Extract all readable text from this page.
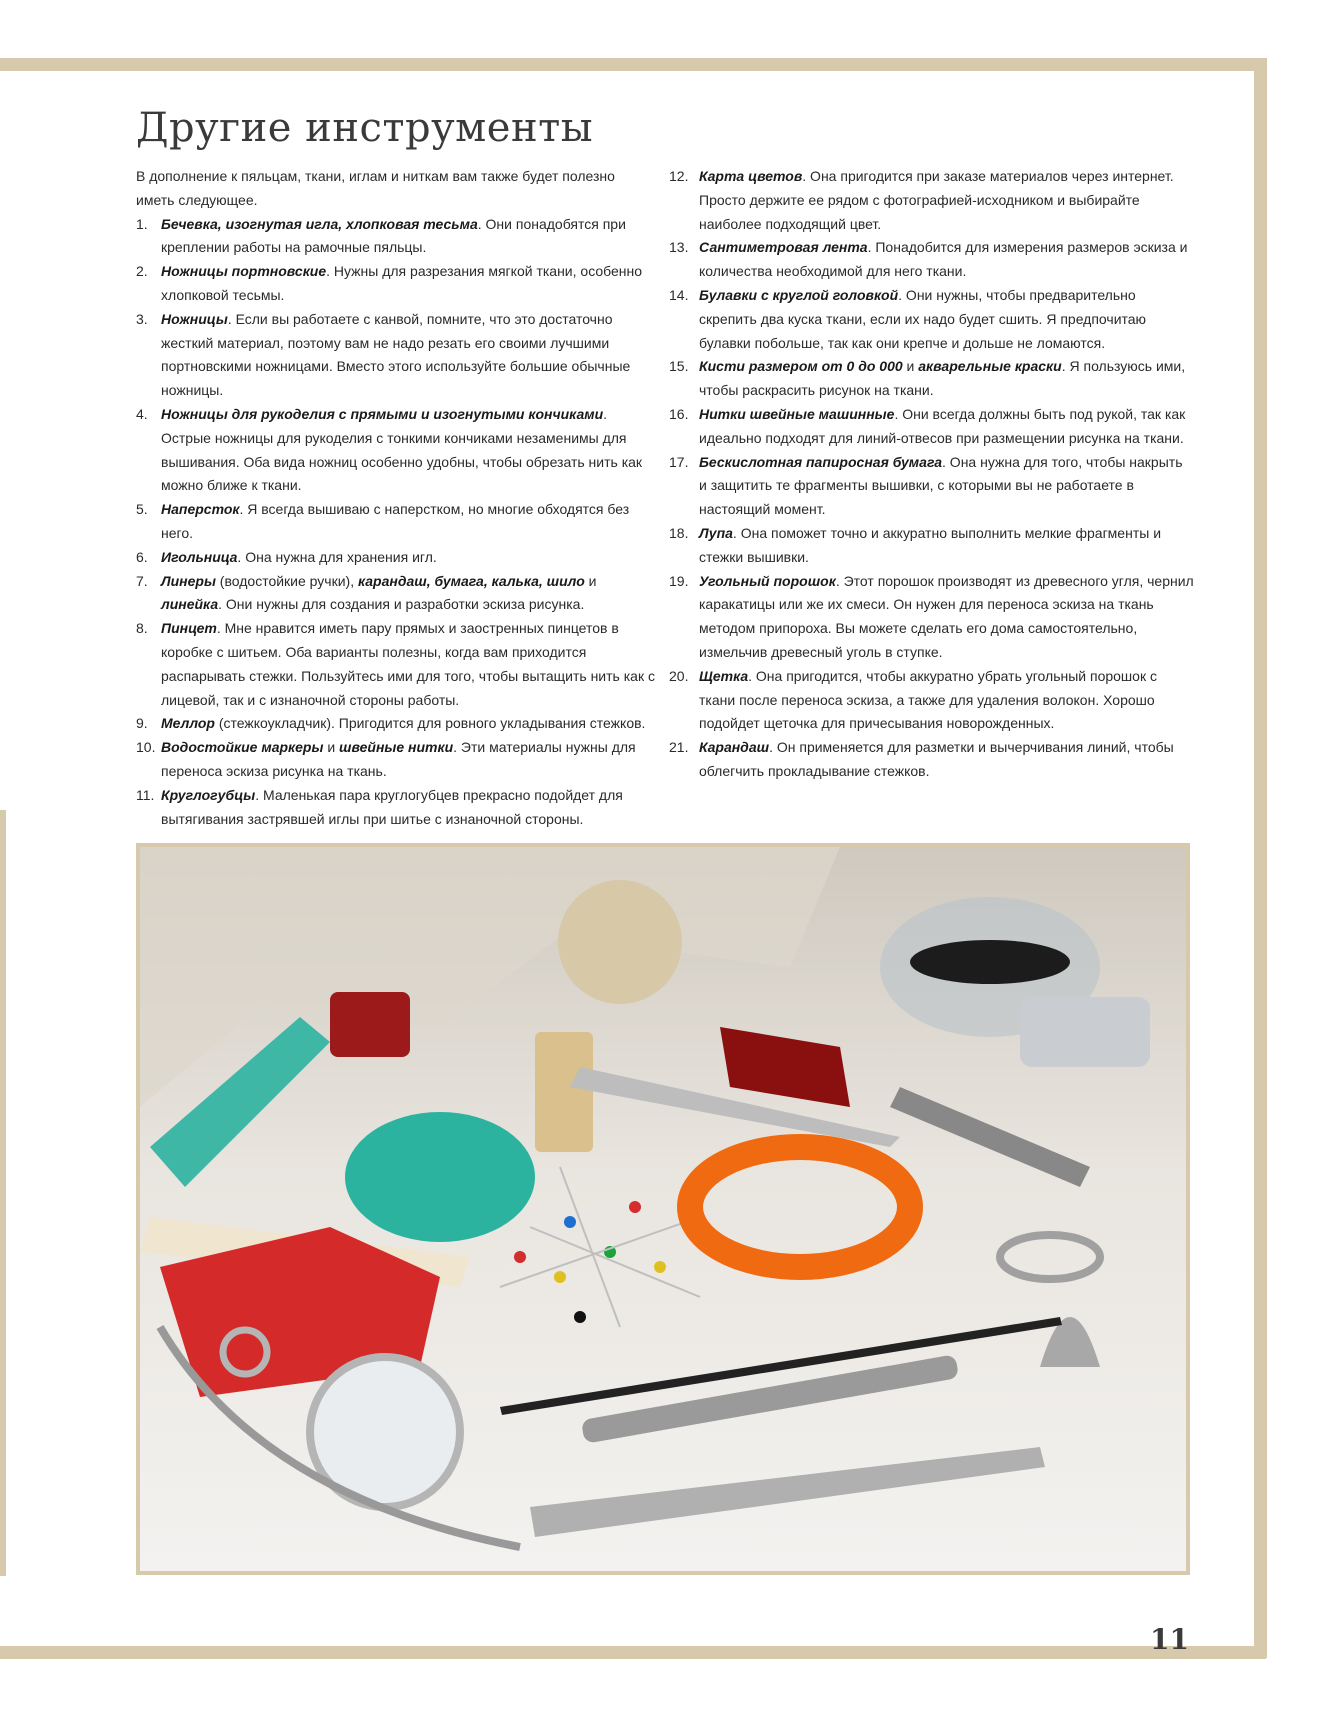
Другие инструменты

В дополнение к пяльцам, ткани, иглам и ниткам вам также будет полезно иметь следующее.

1. Бечевка, изогнутая игла, хлопковая тесьма. Они понадобятся при креплении работы на рамочные пяльцы.
2. Ножницы портновские. Нужны для разрезания мягкой ткани, особенно хлопковой тесьмы.
3. Ножницы. Если вы работаете с канвой, помните, что это достаточно жесткий материал, поэтому вам не надо резать его своими лучшими портновскими ножницами. Вместо этого используйте большие обычные ножницы.
4. Ножницы для рукоделия с прямыми и изогнутыми кончиками. Острые ножницы для рукоделия с тонкими кончиками незаменимы для вышивания. Оба вида ножниц особенно удобны, чтобы обрезать нить как можно ближе к ткани.
5. Наперсток. Я всегда вышиваю с наперстком, но многие обходятся без него.
6. Игольница. Она нужна для хранения игл.
7. Линеры (водостойкие ручки), карандаш, бумага, калька, шило и линейка. Они нужны для создания и разработки эскиза рисунка.
8. Пинцет. Мне нравится иметь пару прямых и заостренных пинцетов в коробке с шитьем. Оба варианты полезны, когда вам приходится распарывать стежки. Пользуйтесь ими для того, чтобы вытащить нить как с лицевой, так и с изнаночной стороны работы.
9. Меллор (стежкоукладчик). Пригодится для ровного укладывания стежков.
10. Водостойкие маркеры и швейные нитки. Эти материалы нужны для переноса эскиза рисунка на ткань.
11. Круглогубцы. Маленькая пара круглогубцев прекрасно подойдет для вытягивания застрявшей иглы при шитье с изнаночной стороны.
12. Карта цветов. Она пригодится при заказе материалов через интернет. Просто держите ее рядом с фотографией-исходником и выбирайте наиболее подходящий цвет.
13. Сантиметровая лента. Понадобится для измерения размеров эскиза и количества необходимой для него ткани.
14. Булавки с круглой головкой. Они нужны, чтобы предварительно скрепить два куска ткани, если их надо будет сшить. Я предпочитаю булавки побольше, так как они крепче и дольше не ломаются.
15. Кисти размером от 0 до 000 и акварельные краски. Я пользуюсь ими, чтобы раскрасить рисунок на ткани.
16. Нитки швейные машинные. Они всегда должны быть под рукой, так как идеально подходят для линий-отвесов при размещении рисунка на ткани.
17. Бескислотная папиросная бумага. Она нужна для того, чтобы накрыть и защитить те фрагменты вышивки, с которыми вы не работаете в настоящий момент.
18. Лупа. Она поможет точно и аккуратно выполнить мелкие фрагменты и стежки вышивки.
19. Угольный порошок. Этот порошок производят из древесного угля, чернил каракатицы или же их смеси. Он нужен для переноса эскиза на ткань методом припороха. Вы можете сделать его дома самостоятельно, измельчив древесный уголь в ступке.
20. Щетка. Она пригодится, чтобы аккуратно убрать угольный порошок с ткани после переноса эскиза, а также для удаления волокон. Хорошо подойдет щеточка для причесывания новорожденных.
21. Карандаш. Он применяется для разметки и вычерчивания линий, чтобы облегчить прокладывание стежков.
11
